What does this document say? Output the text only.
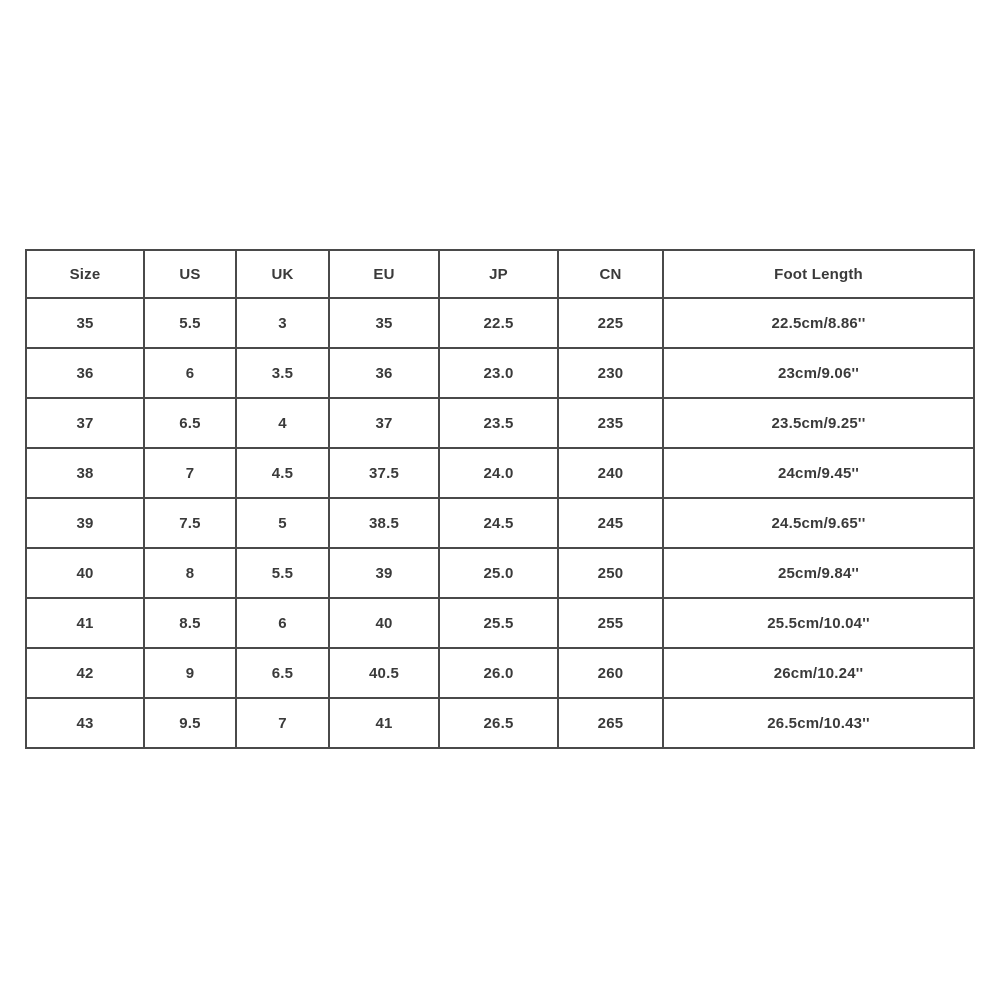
Size	US	UK	EU	JP	CN	Foot Length
35	5.5	3	35	22.5	225	22.5cm/8.86''
36	6	3.5	36	23.0	230	23cm/9.06''
37	6.5	4	37	23.5	235	23.5cm/9.25''
38	7	4.5	37.5	24.0	240	24cm/9.45''
39	7.5	5	38.5	24.5	245	24.5cm/9.65''
40	8	5.5	39	25.0	250	25cm/9.84''
41	8.5	6	40	25.5	255	25.5cm/10.04''
42	9	6.5	40.5	26.0	260	26cm/10.24''
43	9.5	7	41	26.5	265	26.5cm/10.43''
